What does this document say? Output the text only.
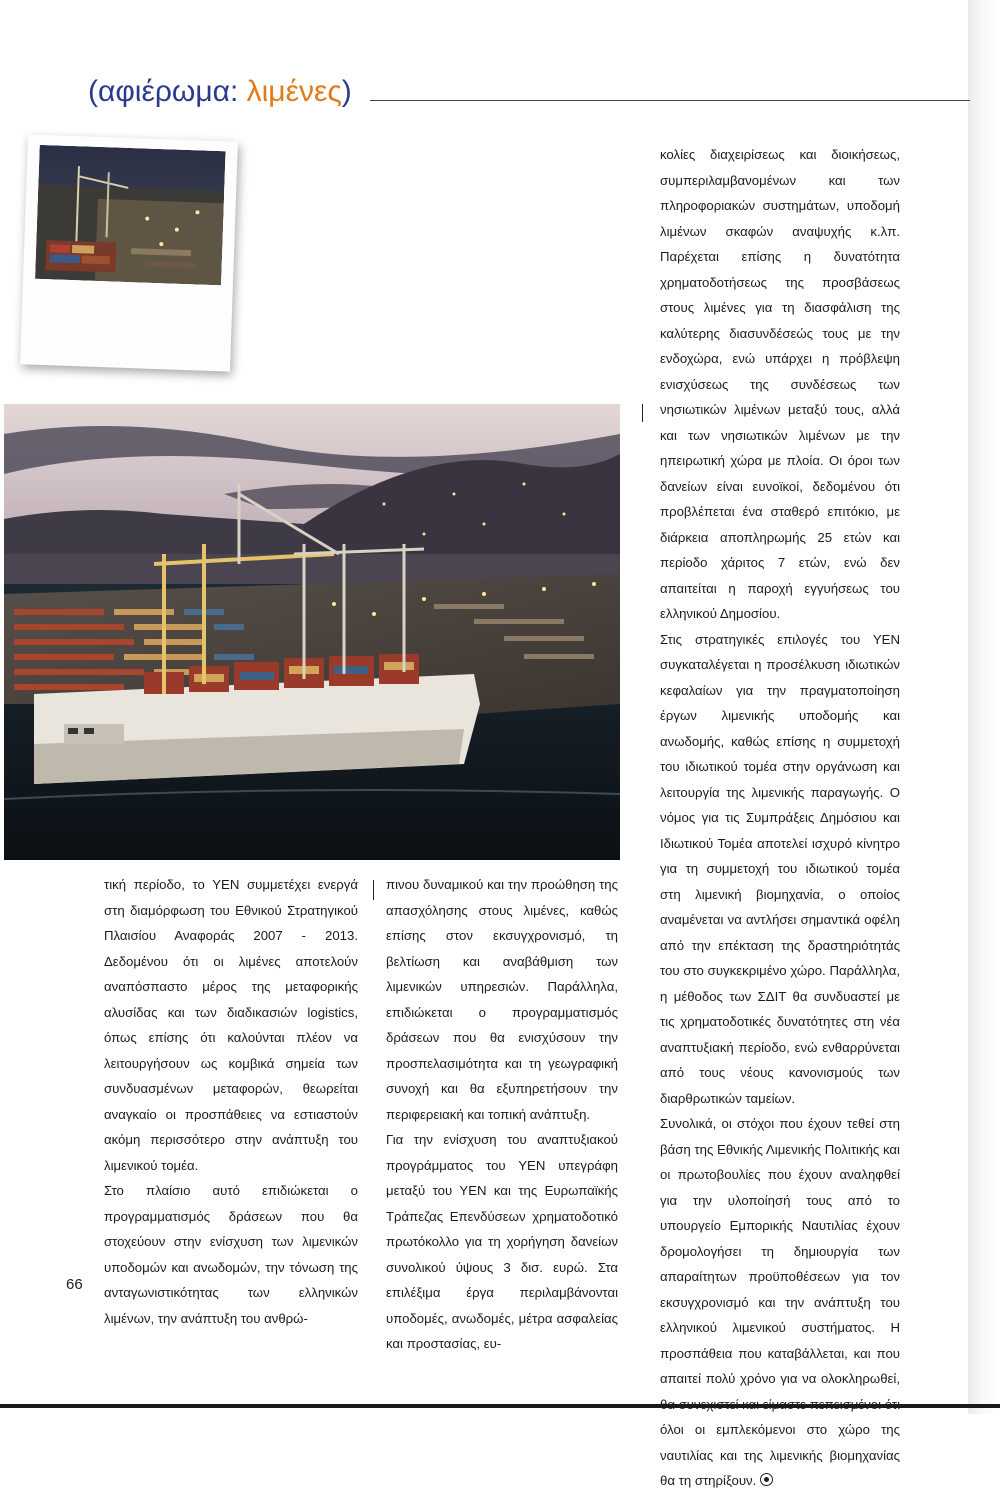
(αφιέρωμα: λιμένες)

τική περίοδο, το ΥΕΝ συμμετέχει ενεργά στη διαμόρφωση του Εθνικού Στρατηγικού Πλαισίου Αναφοράς 2007 - 2013. Δεδομένου ότι οι λιμένες αποτελούν αναπόσπαστο μέρος της μεταφορικής αλυσίδας και των διαδικασιών logistics, όπως επίσης ότι καλούνται πλέον να λειτουργήσουν ως κομβικά σημεία των συνδυασμένων μεταφορών, θεωρείται αναγκαίο οι προσπάθειες να εστιαστούν ακόμη περισσότερο στην ανάπτυξη του λιμενικού τομέα.

Στο πλαίσιο αυτό επιδιώκεται ο προγραμματισμός δράσεων που θα στοχεύουν στην ενίσχυση των λιμενικών υποδομών και ανωδομών, την τόνωση της ανταγωνιστικότητας των ελληνικών λιμένων, την ανάπτυξη του ανθρώ-

πινου δυναμικού και την προώθηση της απασχόλησης στους λιμένες, καθώς επίσης στον εκσυγχρονισμό, τη βελτίωση και αναβάθμιση των λιμενικών υπηρεσιών. Παράλληλα, επιδιώκεται ο προγραμματισμός δράσεων που θα ενισχύσουν την προσπελασιμότητα και τη γεωγραφική συνοχή και θα εξυπηρετήσουν την περιφερειακή και τοπική ανάπτυξη.

Για την ενίσχυση του αναπτυξιακού προγράμματος του ΥΕΝ υπεγράφη μεταξύ του ΥΕΝ και της Ευρωπαϊκής Τράπεζας Επενδύσεων χρηματοδοτικό πρωτόκολλο για τη χορήγηση δανείων συνολικού ύψους 3 δισ. ευρώ. Στα επιλέξιμα έργα περιλαμβάνονται υποδομές, ανωδομές, μέτρα ασφαλείας και προστασίας, ευ-

κολίες διαχειρίσεως και διοικήσεως, συμπεριλαμβανομένων και των πληροφοριακών συστημάτων, υποδομή λιμένων σκαφών αναψυχής κ.λπ. Παρέχεται επίσης η δυνατότητα χρηματοδοτήσεως της προσβάσεως στους λιμένες για τη διασφάλιση της καλύτερης διασυνδέσεώς τους με την ενδοχώρα, ενώ υπάρχει η πρόβλεψη ενισχύσεως της συνδέσεως των νησιωτικών λιμένων μεταξύ τους, αλλά και των νησιωτικών λιμένων με την ηπειρωτική χώρα με πλοία. Οι όροι των δανείων είναι ευνοϊκοί, δεδομένου ότι προβλέπεται ένα σταθερό επιτόκιο, με διάρκεια αποπληρωμής 25 ετών και περίοδο χάριτος 7 ετών, ενώ δεν απαιτείται η παροχή εγγυήσεως του ελληνικού Δημοσίου.

Στις στρατηγικές επιλογές του ΥΕΝ συγκαταλέγεται η προσέλκυση ιδιωτικών κεφαλαίων για την πραγματοποίηση έργων λιμενικής υποδομής και ανωδομής, καθώς επίσης η συμμετοχή του ιδιωτικού τομέα στην οργάνωση και λειτουργία της λιμενικής παραγωγής. Ο νόμος για τις Συμπράξεις Δημόσιου και Ιδιωτικού Τομέα αποτελεί ισχυρό κίνητρο για τη συμμετοχή του ιδιωτικού τομέα στη λιμενική βιομηχανία, ο οποίος αναμένεται να αντλήσει σημαντικά οφέλη από την επέκταση της δραστηριότητάς του στο συγκεκριμένο χώρο. Παράλληλα, η μέθοδος των ΣΔΙΤ θα συνδυαστεί με τις χρηματοδοτικές δυνατότητες στη νέα αναπτυξιακή περίοδο, ενώ ενθαρρύνεται από τους νέους κανονισμούς των διαρθρωτικών ταμείων.

Συνολικά, οι στόχοι που έχουν τεθεί στη βάση της Εθνικής Λιμενικής Πολιτικής και οι πρωτοβουλίες που έχουν αναληφθεί για την υλοποίησή τους από το υπουργείο Εμπορικής Ναυτιλίας έχουν δρομολογήσει τη δημιουργία των απαραίτητων προϋποθέσεων για τον εκσυγχρονισμό και την ανάπτυξη του ελληνικού λιμενικού συστήματος. Η προσπάθεια που καταβάλλεται, και που απαιτεί πολύ χρόνο για να ολοκληρωθεί, όλοι οι εμπλεκόμενοι στο χώρο της ναυτιλίας και της λιμενικής βιομηχανίας θα τη στηρίξουν.

66
